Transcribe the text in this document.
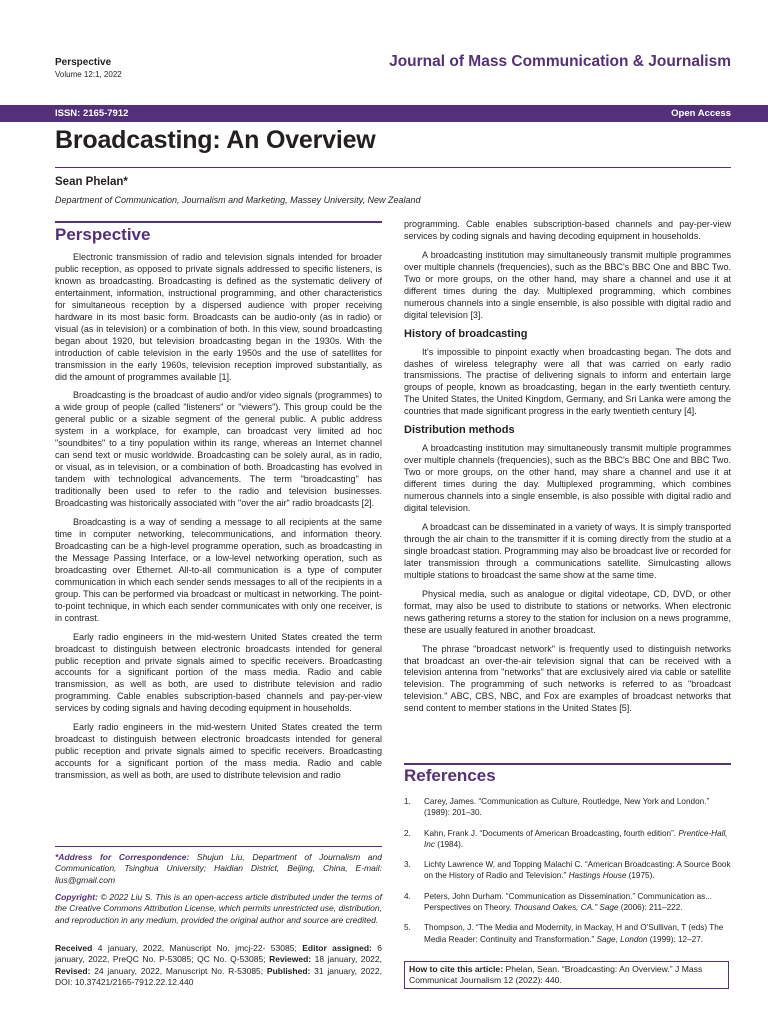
Perspective
Volume 12:1, 2022
Journal of Mass Communication & Journalism
ISSN: 2165-7912	Open Access
Broadcasting: An Overview
Sean Phelan*
Department of Communication, Journalism and Marketing, Massey University, New Zealand
Perspective

Electronic transmission of radio and television signals intended for broader public reception, as opposed to private signals addressed to specific listeners, is known as broadcasting. Broadcasting is defined as the systematic delivery of entertainment, information, instructional programming, and other characteristics for simultaneous reception by a dispersed audience with proper receiving hardware in its most basic form. Broadcasts can be audio-only (as in radio) or visual (as in television) or a combination of both. In this view, sound broadcasting began about 1920, but television broadcasting began in the 1930s. With the introduction of cable television in the early 1950s and the use of satellites for transmission in the early 1960s, television reception improved substantially, as did the amount of programmes available [1].

Broadcasting is the broadcast of audio and/or video signals (programmes) to a wide group of people (called "listeners" or "viewers"). This group could be the general public or a sizable segment of the general public. A public address system in a workplace, for example, can broadcast very limited ad hoc "soundbites" to a tiny population within its range, whereas an Internet channel can send text or music worldwide. Broadcasting can be solely aural, as in radio, or visual, as in television, or a combination of both. Broadcasting has evolved in tandem with technological advancements. The term "broadcasting" has traditionally been used to refer to the radio and television businesses. Broadcasting was historically associated with "over the air" radio broadcasts [2].

Broadcasting is a way of sending a message to all recipients at the same time in computer networking, telecommunications, and information theory. Broadcasting can be a high-level programme operation, such as broadcasting in the Message Passing Interface, or a low-level networking operation, such as broadcasting over Ethernet. All-to-all communication is a type of computer communication in which each sender sends messages to all of the recipients in a group. This can be performed via broadcast or multicast in networking. The point-to-point technique, in which each sender communicates with only one receiver, is in contrast.

Early radio engineers in the mid-western United States created the term broadcast to distinguish between electronic broadcasts intended for general public reception and private signals aimed to specific receivers. Broadcasting accounts for a significant portion of the mass media. Radio and cable transmission, as well as both, are used to distribute television and radio programming. Cable enables subscription-based channels and pay-per-view services by coding signals and having decoding equipment in households.

Early radio engineers in the mid-western United States created the term broadcast to distinguish between electronic broadcasts intended for general public reception and private signals aimed to specific receivers. Broadcasting accounts for a significant portion of the mass media. Radio and cable transmission, as well as both, are used to distribute television and radio

programming. Cable enables subscription-based channels and pay-per-view services by coding signals and having decoding equipment in households.

A broadcasting institution may simultaneously transmit multiple programmes over multiple channels (frequencies), such as the BBC's BBC One and BBC Two. Two or more groups, on the other hand, may share a channel and use it at different times during the day. Multiplexed programming, which combines numerous channels into a single ensemble, is also possible with digital radio and digital television [3].

History of broadcasting

It's impossible to pinpoint exactly when broadcasting began. The dots and dashes of wireless telegraphy were all that was carried on early radio transmissions. The practise of delivering signals to inform and entertain large groups of people, known as broadcasting, began in the early twentieth century. The United States, the United Kingdom, Germany, and Sri Lanka were among the countries that made significant progress in the early twentieth century [4].

Distribution methods

A broadcasting institution may simultaneously transmit multiple programmes over multiple channels (frequencies), such as the BBC's BBC One and BBC Two. Two or more groups, on the other hand, may share a channel and use it at different times during the day. Multiplexed programming, which combines numerous channels into a single ensemble, is also possible with digital radio and digital television.

A broadcast can be disseminated in a variety of ways. It is simply transported through the air chain to the transmitter if it is coming directly from the studio at a single broadcast station. Programming may also be broadcast live or recorded for later transmission through a communications satellite. Simulcasting allows multiple stations to broadcast the same show at the same time.

Physical media, such as analogue or digital videotape, CD, DVD, or other format, may also be used to distribute to stations or networks. When electronic news gathering returns a storey to the station for inclusion on a news programme, these are usually featured in another broadcast.

The phrase "broadcast network" is frequently used to distinguish networks that broadcast an over-the-air television signal that can be received with a television antenna from "networks" that are exclusively aired via cable or satellite television. The programming of such networks is referred to as "broadcast television." ABC, CBS, NBC, and Fox are examples of broadcast networks that send content to member stations in the United States [5].

References
1.	Carey, James. “Communication as Culture, Routledge, New York and London.” (1989): 201–30.
2.	Kahn, Frank J. “Documents of American Broadcasting, fourth edition”. Prentice-Hall, Inc (1984).
3.	Lichty Lawrence W, and Topping Malachi C. “American Broadcasting: A Source Book on the History of Radio and Television.” Hastings House (1975).
4.	Peters, John Durham. “Communication as Dissemination.” Communication as... Perspectives on Theory. Thousand Oakes, CA.” Sage (2006): 211–222.
5.	Thompson, J. “The Media and Modernity, in Mackay, H and O'Sullivan, T (eds) The Media Reader: Continuity and Transformation.” Sage, London (1999): 12–27.
*Address for Correspondence: Shujun Liu, Department of Journalism and Communication, Tsinghua University; Haidian District, Beijing, China, E-mail: lius@gmail.com
Copyright: © 2022 Liu S. This is an open-access article distributed under the terms of the Creative Commons Attribution License, which permits unrestricted use, distribution, and reproduction in any medium, provided the original author and source are credited.
Received 4 january, 2022, Manuscript No. jmcj-22- 53085; Editor assigned: 6 january, 2022, PreQC No. P-53085; QC No. Q-53085; Reviewed: 18 january, 2022, Revised: 24 january, 2022, Manuscript No. R-53085; Published: 31 january, 2022, DOI: 10.37421/2165-7912.22.12.440
How to cite this article: Phelan, Sean. “Broadcasting: An Overview.” J Mass Communicat Journalism 12 (2022): 440.
